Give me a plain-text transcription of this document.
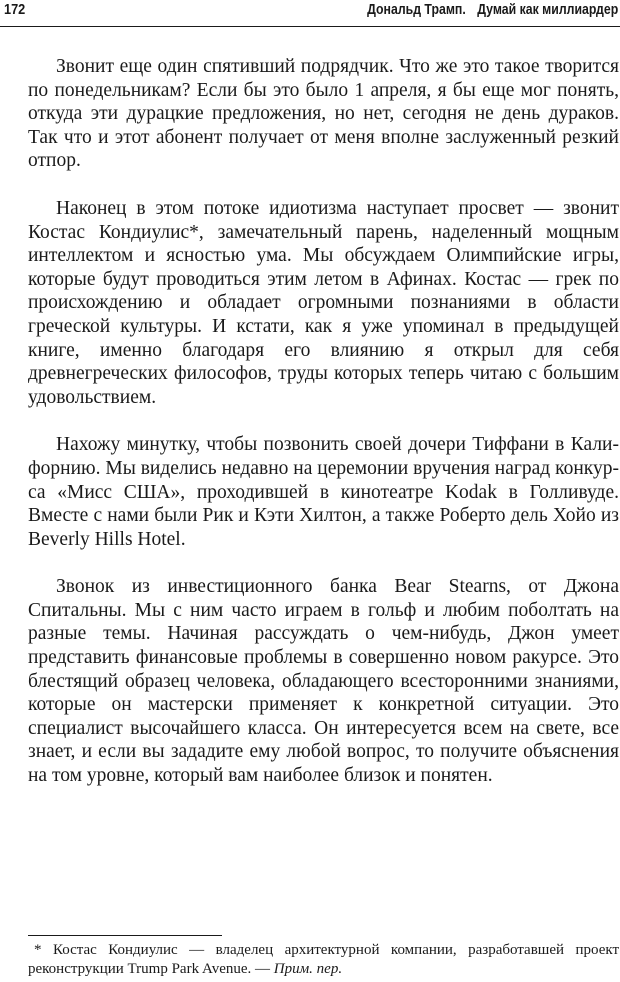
172	Дональд Трамп. Думай как миллиардер

Звонит еще один спятивший подрядчик. Что же это такое творится по понедельникам? Если бы это было 1 апреля, я бы еще мог понять, откуда эти дурацкие предложения, но нет, сегодня не день дураков. Так что и этот абонент получает от меня вполне заслуженный резкий отпор.

Наконец в этом потоке идиотизма наступает просвет — звонит Костас Кондиулис*, замечательный парень, наделенный мощным интеллектом и ясностью ума. Мы обсуждаем Олимпийские игры, которые будут проводиться этим летом в Афинах. Костас — грек по происхождению и обладает огромными познаниями в области греческой культуры. И кстати, как я уже упоминал в предыдущей книге, именно благодаря его влиянию я открыл для себя древнегреческих философов, труды которых теперь читаю с большим удовольствием.

Нахожу минутку, чтобы позвонить своей дочери Тиффани в Калифорнию. Мы виделись недавно на церемонии вручения наград конкурса «Мисс США», проходившей в кинотеатре Kodak в Голливуде. Вместе с нами были Рик и Кэти Хилтон, а также Роберто дель Хойо из Beverly Hills Hotel.

Звонок из инвестиционного банка Bear Stearns, от Джона Спитальны. Мы с ним часто играем в гольф и любим поболтать на разные темы. Начиная рассуждать о чем-нибудь, Джон умеет представить финансовые проблемы в совершенно новом ракурсе. Это блестящий образец человека, обладающего всесторонними знаниями, которые он мастерски применяет к конкретной ситуации. Это специалист высочайшего класса. Он интересуется всем на свете, все знает, и если вы зададите ему любой вопрос, то получите объяснения на том уровне, который вам наиболее близок и понятен.

* Костас Кондиулис — владелец архитектурной компании, разработавшей проект реконструкции Trump Park Avenue. — Прим. пер.
